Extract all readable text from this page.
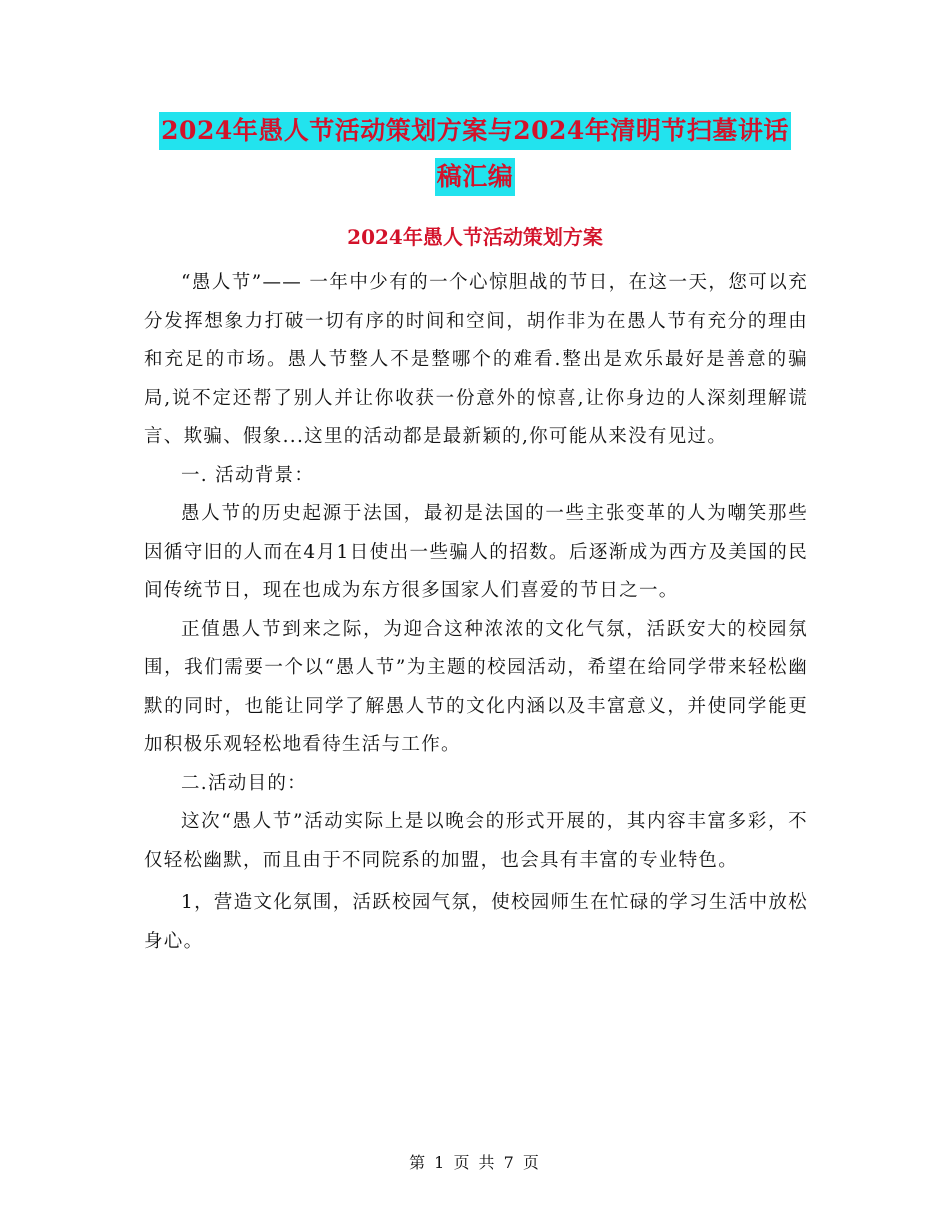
2024年愚人节活动策划方案与2024年清明节扫墓讲话
稿汇编
2024年愚人节活动策划方案

“愚人节”—— 一年中少有的一个心惊胆战的节日，在这一天，您可以充分发挥想象力打破一切有序的时间和空间，胡作非为在愚人节有充分的理由和充足的市场。愚人节整人不是整哪个的难看.整出是欢乐最好是善意的骗局,说不定还帮了别人并让你收获一份意外的惊喜,让你身边的人深刻理解谎言、欺骗、假象...这里的活动都是最新颖的,你可能从来没有见过。

一. 活动背景：

愚人节的历史起源于法国，最初是法国的一些主张变革的人为嘲笑那些因循守旧的人而在4月1日使出一些骗人的招数。后逐渐成为西方及美国的民间传统节日，现在也成为东方很多国家人们喜爱的节日之一。

正值愚人节到来之际，为迎合这种浓浓的文化气氛，活跃安大的校园氛围，我们需要一个以“愚人节”为主题的校园活动，希望在给同学带来轻松幽默的同时，也能让同学了解愚人节的文化内涵以及丰富意义，并使同学能更加积极乐观轻松地看待生活与工作。

二.活动目的：

这次“愚人节”活动实际上是以晚会的形式开展的，其内容丰富多彩，不仅轻松幽默，而且由于不同院系的加盟，也会具有丰富的专业特色。

1，营造文化氛围，活跃校园气氛，使校园师生在忙碌的学习生活中放松身心。

第 1 页 共 7 页
